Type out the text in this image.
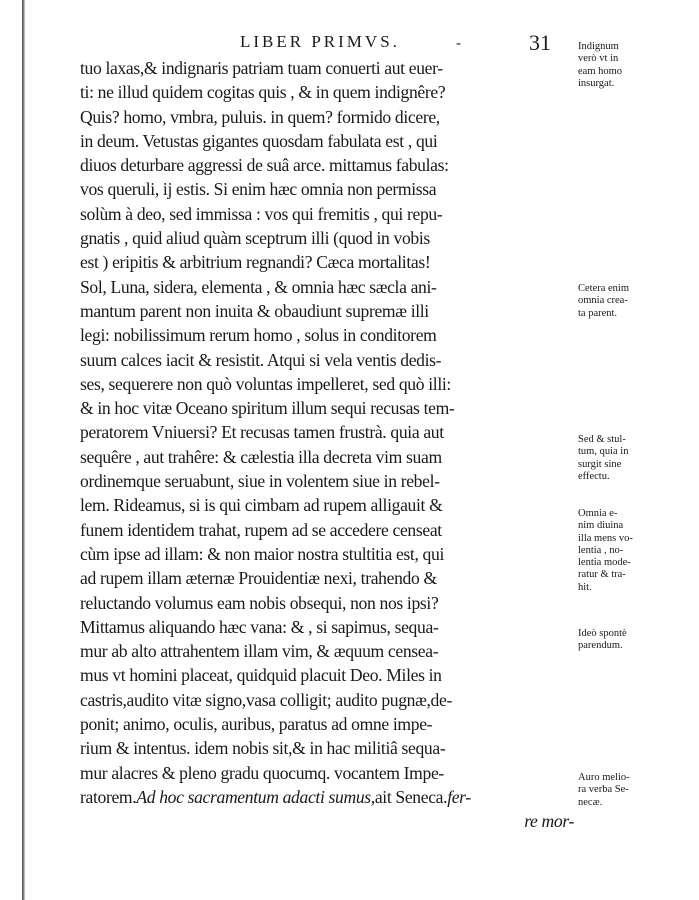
LIBER PRIMVS.	-	31
tuo laxas,& indignaris patriam tuam conuerti aut euer-
ti: ne illud quidem cogitas quis , & in quem indignêre?
Quis? homo, vmbra, puluis. in quem? formido dicere,
in deum. Vetustas gigantes quosdam fabulata est , qui
diuos deturbare aggressi de suâ arce. mittamus fabulas:
vos queruli, ij estis. Si enim hæc omnia non permissa
solùm à deo, sed immissa : vos qui fremitis , qui repu-
gnatis , quid aliud quàm sceptrum illi (quod in vobis
est ) eripitis & arbitrium regnandi? Cæca mortalitas!
Sol, Luna, sidera, elementa , & omnia hæc sæcla ani-
mantum parent non inuita & obaudiunt supremæ illi
legi: nobilissimum rerum homo , solus in conditorem
suum calces iacit & resistit. Atqui si vela ventis dedis-
ses, sequerere non quò voluntas impelleret, sed quò illi:
& in hoc vitæ Oceano spiritum illum sequi recusas tem-
peratorem Vniuersi? Et recusas tamen frustrà. quia aut
sequêre , aut trahêre: & cælestia illa decreta vim suam
ordinemque seruabunt, siue in volentem siue in rebel-
lem. Rideamus, si is qui cimbam ad rupem alligauit &
funem identidem trahat, rupem ad se accedere censeat
cùm ipse ad illam: & non maior nostra stultitia est, qui
ad rupem illam æternæ Prouidentiæ nexi, trahendo &
reluctando volumus eam nobis obsequi, non nos ipsi?
Mittamus aliquando hæc vana: & , si sapimus, sequa-
mur ab alto attrahentem illam vim, & æquum censea-
mus vt homini placeat, quidquid placuit Deo. Miles in
castris,audito vitæ signo,vasa colligit; audito pugnæ,de-
ponit; animo, oculis, auribus, paratus ad omne impe-
rium & intentus. idem nobis sit,& in hac militiâ sequa-
mur alacres & pleno gradu quocumq. vocantem Impe-
ratorem.Ad hoc sacramentum adacti sumus,ait Seneca.fer-
re mor-
Indignum
verò vt in
eam homo
insurgat.
Cetera enim
omnia crea-
ta parent.
Sed & stul-
tum, quia in
surgit sine
effectu.
Omnia e-
nim diuina
illa mens vo-
lentia , no-
lentia mode-
ratur & tra-
hit.
Ideò spontè
parendum.
Auro melio-
ra verba Se-
necæ.
